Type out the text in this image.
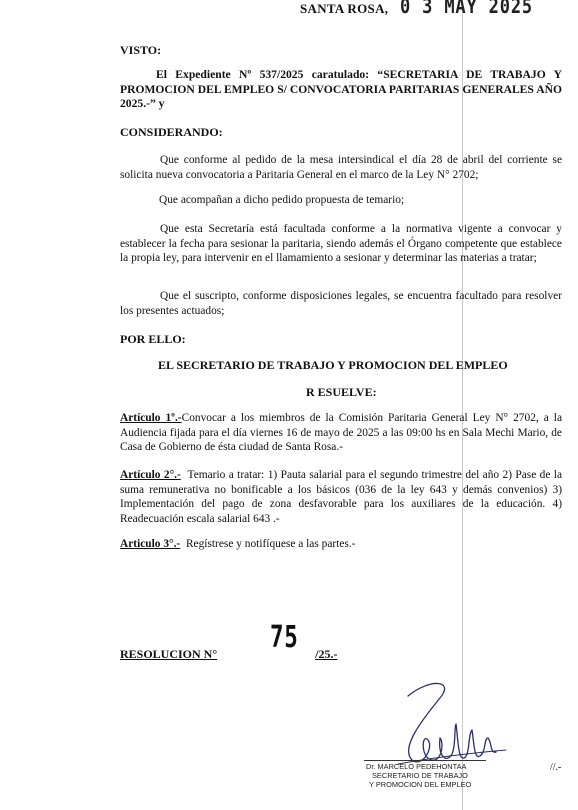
SANTA ROSA, 0 3 MAY 2025
VISTO:
El Expediente Nº 537/2025 caratulado: “SECRETARIA DE TRABAJO Y PROMOCION DEL EMPLEO S/ CONVOCATORIA PARITARIAS GENERALES AÑO 2025.-” y
CONSIDERANDO:
Que conforme al pedido de la mesa intersindical el día 28 de abril del corriente se solicita nueva convocatoria a Paritaria General en el marco de la Ley N° 2702;
Que acompañan a dicho pedido propuesta de temario;
Que esta Secretaría está facultada conforme a la normativa vigente a convocar y establecer la fecha para sesionar la paritaria, siendo además el Órgano competente que establece la propia ley, para intervenir en el llamamiento a sesionar y determinar las materias a tratar;
Que el suscripto, conforme disposiciones legales, se encuentra facultado para resolver los presentes actuados;
POR ELLO:
EL SECRETARIO DE TRABAJO Y PROMOCION DEL EMPLEO
R ESUELVE:
Artículo 1º.-Convocar a los miembros de la Comisión Paritaria General Ley N° 2702, a la Audiencia fijada para el día viernes 16 de mayo de 2025 a las 09:00 hs en Sala Mechi Mario, de Casa de Gobierno de ésta ciudad de Santa Rosa.-
Artículo 2°.- Temario a tratar: 1) Pauta salarial para el segundo trimestre del año 2) Pase de la suma remunerativa no bonificable a los básicos (036 de la ley 643 y demás convenios) 3) Implementación del pago de zona desfavorable para los auxiliares de la educación. 4) Readecuación escala salarial 643 .-
Articulo 3°.- Regístrese y notifíquese a las partes.-
75
RESOLUCION N°	/25.-
Dr. MARCELO PEDEHONTAA
SECRETARIO DE TRABAJO
Y PROMOCION DEL EMPLEO
//.-
